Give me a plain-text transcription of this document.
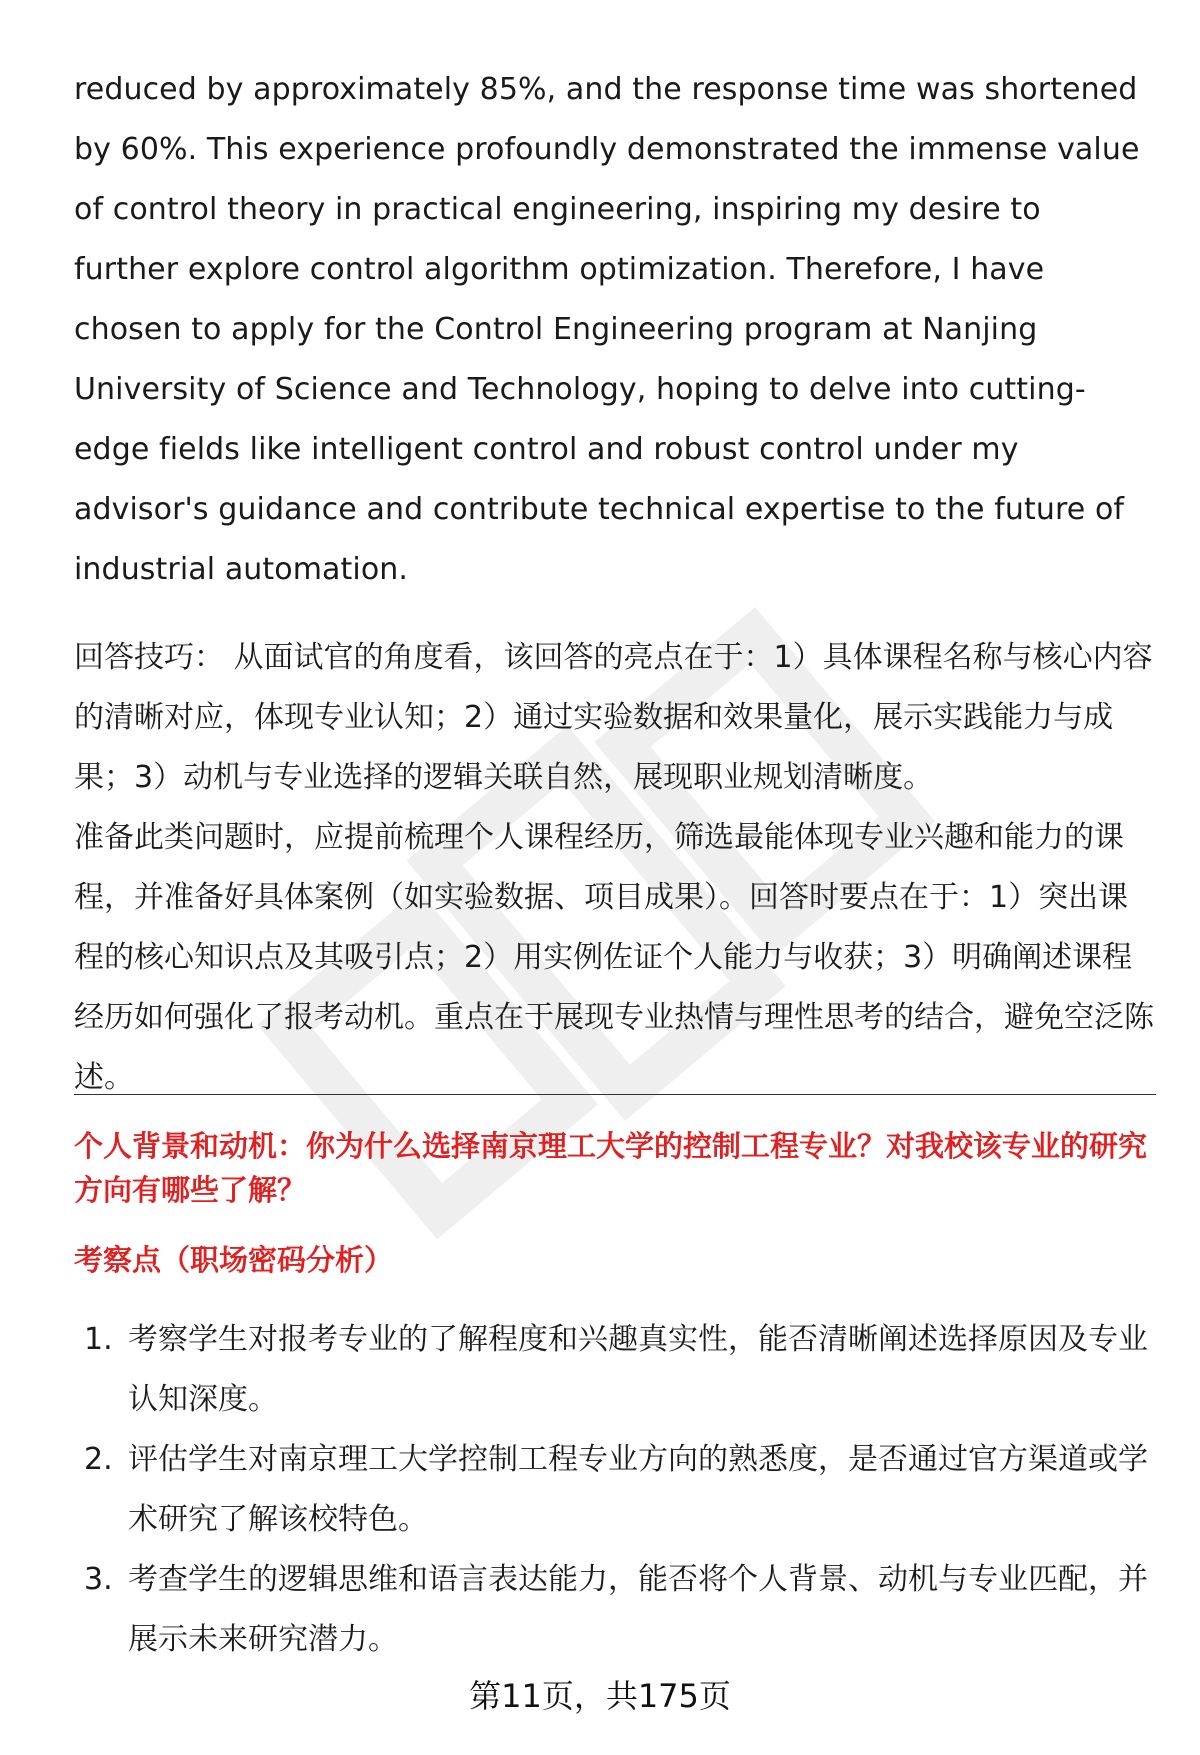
reduced by approximately 85%, and the response time was shortened by 60%. This experience profoundly demonstrated the immense value of control theory in practical engineering, inspiring my desire to further explore control algorithm optimization. Therefore, I have chosen to apply for the Control Engineering program at Nanjing University of Science and Technology, hoping to delve into cutting-edge fields like intelligent control and robust control under my advisor's guidance and contribute technical expertise to the future of industrial automation.

回答技巧： 从面试官的角度看，该回答的亮点在于：1）具体课程名称与核心内容的清晰对应，体现专业认知；2）通过实验数据和效果量化，展示实践能力与成果；3）动机与专业选择的逻辑关联自然，展现职业规划清晰度。

准备此类问题时，应提前梳理个人课程经历，筛选最能体现专业兴趣和能力的课程，并准备好具体案例（如实验数据、项目成果）。回答时要点在于：1）突出课程的核心知识点及其吸引点；2）用实例佐证个人能力与收获；3）明确阐述课程经历如何强化了报考动机。重点在于展现专业热情与理性思考的结合，避免空泛陈述。

个人背景和动机：你为什么选择南京理工大学的控制工程专业？对我校该专业的研究方向有哪些了解？

考察点（职场密码分析）

1. 考察学生对报考专业的了解程度和兴趣真实性，能否清晰阐述选择原因及专业认知深度。
2. 评估学生对南京理工大学控制工程专业方向的熟悉度，是否通过官方渠道或学术研究了解该校特色。
3. 考查学生的逻辑思维和语言表达能力，能否将个人背景、动机与专业匹配，并展示未来研究潜力。
第11页，共175页
